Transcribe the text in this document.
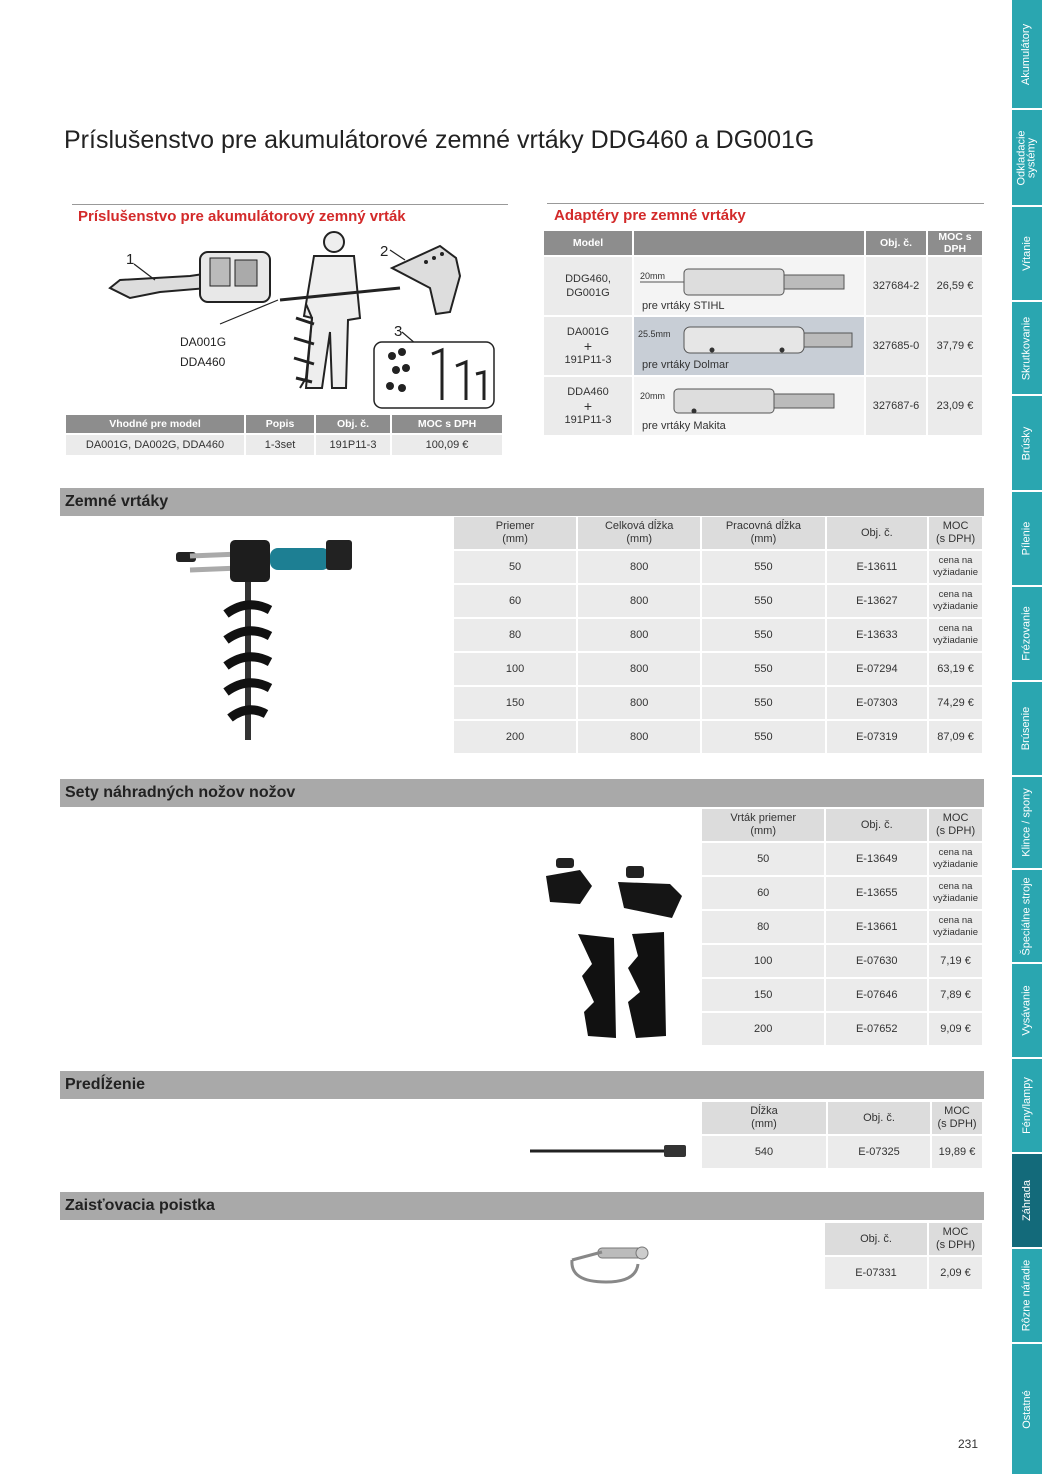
Príslušenstvo pre akumulátorové zemné vrtáky DDG460 a DG001G
Akumulátory
Odkladacie systémy
Vŕtanie
Skrutkovanie
Brúsky
Pílenie
Frézovanie
Brúsenie
Klince / spony
Špeciálne stroje
Vysávanie
Fény/lampy
Záhrada
Rôzne náradie
Ostatné
Príslušenstvo pre akumulátorový zemný vrták
1	2
3
DA001G
DDA460
Vhodné pre model	Popis	Obj. č.	MOC s DPH
DA001G, DA002G, DDA460	1-3set	191P11-3	100,09 €
Adaptéry pre zemné vrtáky
Model		Obj. č.	MOC s DPH

DDG460,
DG001G	20mm
pre vrtáky STIHL	327684-2	26,59 €

DA001G
+
191P11-3	25.5mm
pre vrtáky Dolmar	327685-0	37,79 €

DDA460
+
191P11-3	20mm
pre vrtáky Makita	327687-6	23,09 €
Zemné vrtáky
Priemer
(mm)	Celková dĺžka
(mm)	Pracovná dĺžka
(mm)	Obj. č.	MOC
(s DPH)

50	800	550	E-13611	cena na
vyžiadanie

60	800	550	E-13627	cena na
vyžiadanie

80	800	550	E-13633	cena na
vyžiadanie

100	800	550	E-07294	63,19 €
150	800	550	E-07303	74,29 €
200	800	550	E-07319	87,09 €
Sety náhradných nožov nožov
Vrták priemer
(mm)	Obj. č.	MOC
(s DPH)

50	E-13649	cena na
vyžiadanie

60	E-13655	cena na
vyžiadanie

80	E-13661	cena na
vyžiadanie

100	E-07630	7,19 €
150	E-07646	7,89 €
200	E-07652	9,09 €
Predĺženie
Dĺžka
(mm)	Obj. č.	MOC
(s DPH)

540	E-07325	19,89 €
Zaisťovacia poistka
Obj. č.	MOC
(s DPH)

E-07331	2,09 €
231
